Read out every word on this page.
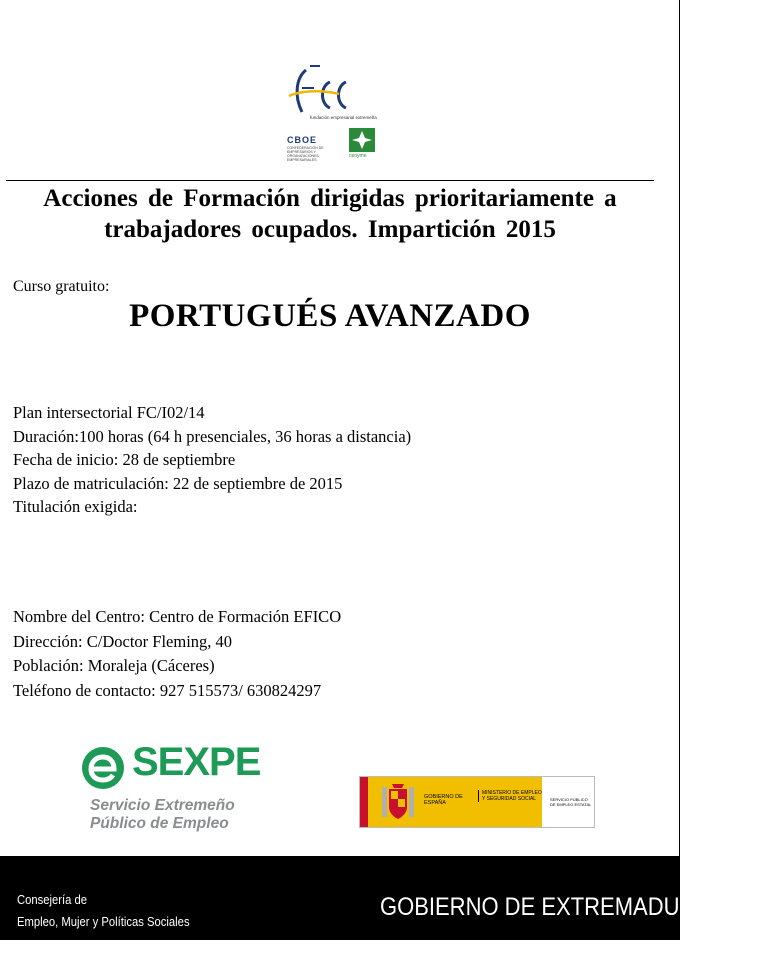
fundación empresarial extremeña
CBOE
CONFEDERACIÓN DE EMPRESARIOS Y ORGANIZACIONES EMPRESARIALES
ceoyme
Acciones de Formación dirigidas prioritariamente a
trabajadores ocupados. Impartición 2015
Curso gratuito:
PORTUGUÉS AVANZADO
Plan intersectorial FC/I02/14
Duración:100 horas (64 h presenciales, 36 horas a distancia)
Fecha de inicio: 28 de septiembre
Plazo de matriculación: 22 de septiembre de 2015
Titulación exigida:
Nombre del Centro: Centro de Formación EFICO
Dirección: C/Doctor Fleming, 40
Población: Moraleja (Cáceres)
Teléfono de contacto: 927 515573/ 630824297
SEXPE
Servicio Extremeño
Público de Empleo
GOBIERNO DE ESPAÑA
MINISTERIO DE EMPLEO Y SEGURIDAD SOCIAL	SERVICIO PÚBLICO DE EMPLEO ESTATAL
Consejería de
Empleo, Mujer y Políticas Sociales
GOBIERNO DE EXTREMADURA
